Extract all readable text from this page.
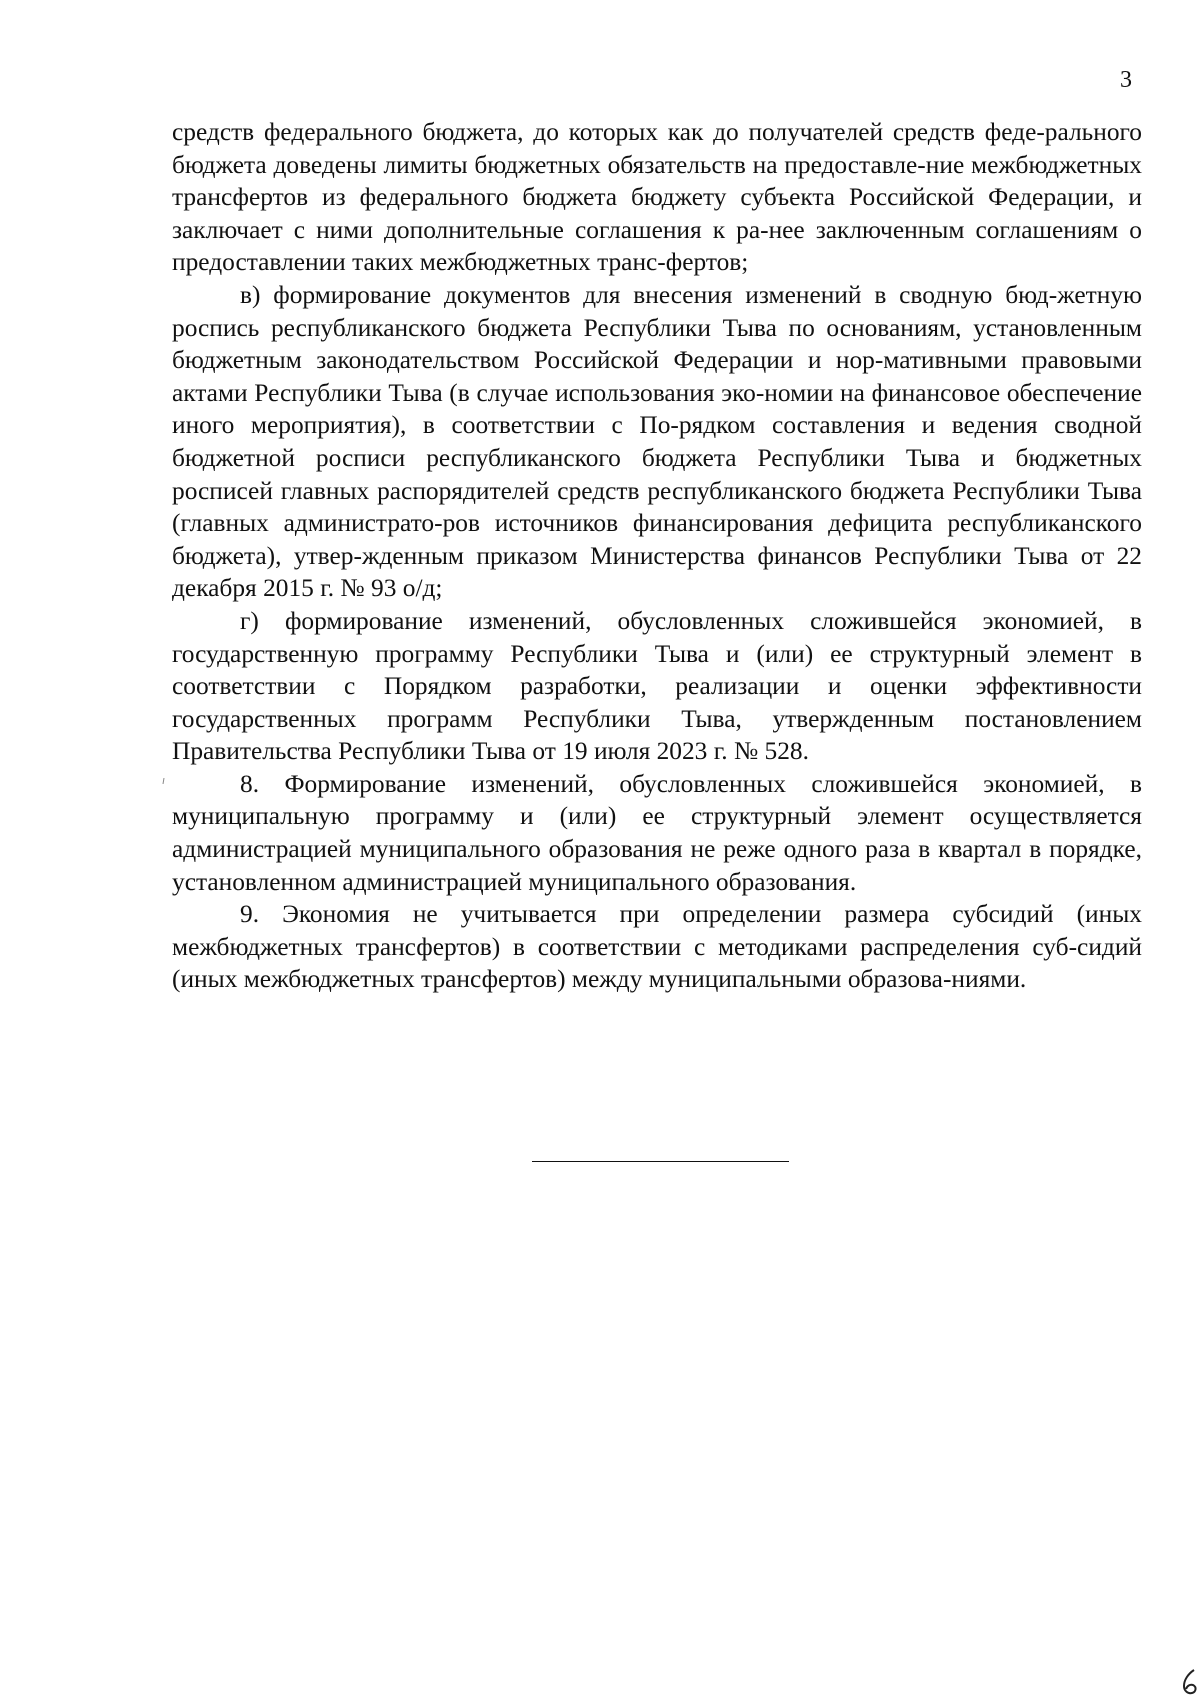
3

средств федерального бюджета, до которых как до получателей средств феде-рального бюджета доведены лимиты бюджетных обязательств на предоставле-ние межбюджетных трансфертов из федерального бюджета бюджету субъекта Российской Федерации, и заключает с ними дополнительные соглашения к ра-нее заключенным соглашениям о предоставлении таких межбюджетных транс-фертов;

в) формирование документов для внесения изменений в сводную бюд-жетную роспись республиканского бюджета Республики Тыва по основаниям, установленным бюджетным законодательством Российской Федерации и нор-мативными правовыми актами Республики Тыва (в случае использования эко-номии на финансовое обеспечение иного мероприятия), в соответствии с По-рядком составления и ведения сводной бюджетной росписи республиканского бюджета Республики Тыва и бюджетных росписей главных распорядителей средств республиканского бюджета Республики Тыва (главных администрато-ров источников финансирования дефицита республиканского бюджета), утвер-жденным приказом Министерства финансов Республики Тыва от 22 декабря 2015 г. № 93 о/д;

г) формирование изменений, обусловленных сложившейся экономией, в государственную программу Республики Тыва и (или) ее структурный элемент в соответствии с Порядком разработки, реализации и оценки эффективности государственных программ Республики Тыва, утвержденным постановлением Правительства Республики Тыва от 19 июля 2023 г. № 528.

8. Формирование изменений, обусловленных сложившейся экономией, в муниципальную программу и (или) ее структурный элемент осуществляется администрацией муниципального образования не реже одного раза в квартал в порядке, установленном администрацией муниципального образования.

9. Экономия не учитывается при определении размера субсидий (иных межбюджетных трансфертов) в соответствии с методиками распределения суб-сидий (иных межбюджетных трансфертов) между муниципальными образова-ниями.
